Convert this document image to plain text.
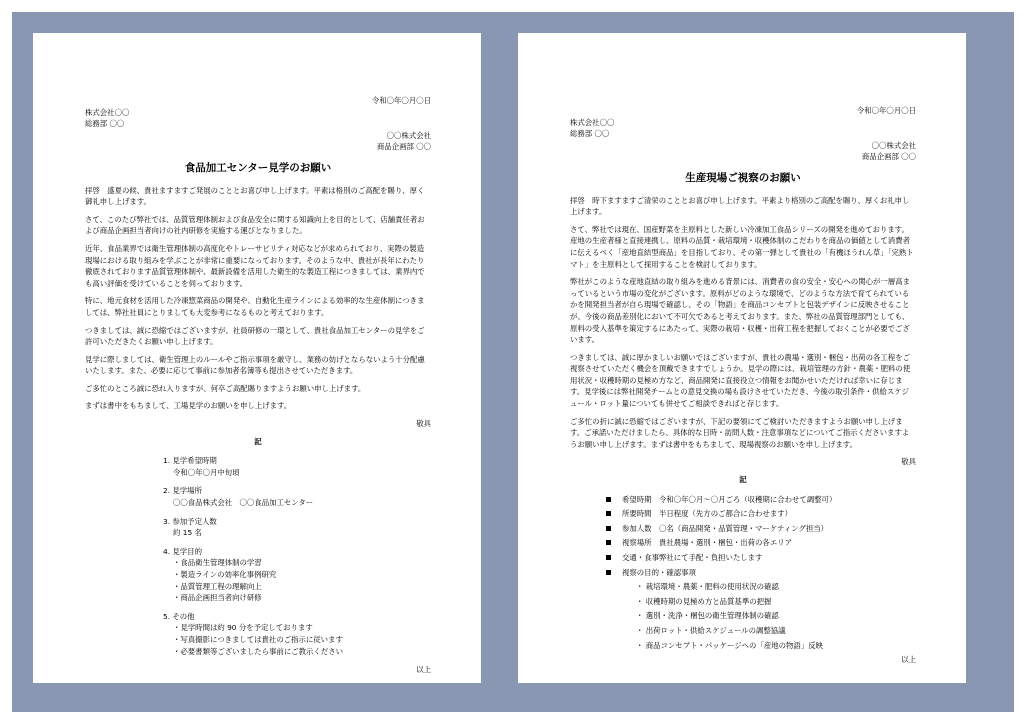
令和〇年〇月〇日
株式会社〇〇
総務部 〇〇
〇〇株式会社
商品企画部 〇〇
食品加工センター見学のお願い

拝啓　盛夏の候、貴社ますますご発展のこととお喜び申し上げます。平素は格別のご高配を賜り、厚く御礼申し上げます。

さて、このたび弊社では、品質管理体制および食品安全に関する知識向上を目的として、店舗責任者および商品企画担当者向けの社内研修を実施する運びとなりました。

近年、食品業界では衛生管理体制の高度化やトレーサビリティ対応などが求められており、実際の製造現場における取り組みを学ぶことが非常に重要になっております。そのような中、貴社が長年にわたり徹底されております品質管理体制や、最新設備を活用した衛生的な製造工程につきましては、業界内でも高い評価を受けていることを伺っております。

特に、地元食材を活用した冷凍惣菜商品の開発や、自動化生産ラインによる効率的な生産体制につきましては、弊社社員にとりましても大変参考になるものと考えております。

つきましては、誠に恐縮ではございますが、社員研修の一環として、貴社食品加工センターの見学をご許可いただきたくお願い申し上げます。

見学に際しましては、衛生管理上のルールやご指示事項を厳守し、業務の妨げとならないよう十分配慮いたします。また、必要に応じて事前に参加者名簿等も提出させていただきます。

ご多忙のところ誠に恐れ入りますが、何卒ご高配賜りますようお願い申し上げます。

まずは書中をもちまして、工場見学のお願いを申し上げます。

敬具
記
1. 見学希望時期
令和〇年〇月中旬頃
2. 見学場所
〇〇食品株式会社　〇〇食品加工センター
3. 参加予定人数
約 15 名
4. 見学目的
・食品衛生管理体制の学習
・製造ラインの効率化事例研究
・品質管理工程の理解向上
・商品企画担当者向け研修
5. その他
・見学時間は約 90 分を予定しております
・写真撮影につきましては貴社のご指示に従います
・必要書類等ございましたら事前にご教示ください
以上
令和〇年〇月〇日
株式会社〇〇
総務部 〇〇
〇〇株式会社
商品企画部 〇〇
生産現場ご視察のお願い

拝啓　時下ますますご清栄のこととお喜び申し上げます。平素より格別のご高配を賜り、厚くお礼申し上げます。

さて、弊社では現在、国産野菜を主原料とした新しい冷凍加工食品シリーズの開発を進めております。産地の生産者様と直接連携し、原料の品質・栽培環境・収穫体制のこだわりを商品の価値として消費者に伝えるべく「産地直結型商品」を目指しており、その第一弾として貴社の「有機ほうれん草」「完熟トマト」を主原料として採用することを検討しております。

弊社がこのような産地直結の取り組みを進める背景には、消費者の食の安全・安心への関心が一層高まっているという市場の変化がございます。原料がどのような環境で、どのような方法で育てられているかを開発担当者が自ら現場で確認し、その「物語」を商品コンセプトと包装デザインに反映させることが、今後の商品差別化において不可欠であると考えております。また、弊社の品質管理部門としても、原料の受入基準を策定するにあたって、実際の栽培・収穫・出荷工程を把握しておくことが必要でございます。

つきましては、誠に厚かましいお願いではございますが、貴社の農場・選別・梱包・出荷の各工程をご視察させていただく機会を頂戴できますでしょうか。見学の際には、栽培管理の方針・農薬・肥料の使用状況・収穫時期の見極め方など、商品開発に直接役立つ情報をお聞かせいただければ幸いに存じます。見学後には弊社開発チームとの意見交換の場も設けさせていただき、今後の取引条件・供給スケジュール・ロット量についても併せてご相談できればと存じます。

ご多忙の折に誠に恐縮ではございますが、下記の要領にてご検討いただきますようお願い申し上げます。ご承諾いただけましたら、具体的な日時・訪問人数・注意事項などについてご指示くださいますようお願い申し上げます。まずは書中をもちまして、現場視察のお願いを申し上げます。

敬具
記
希望時期　令和〇年〇月～〇月ごろ（収穫期に合わせて調整可）
所要時間　半日程度（先方のご都合に合わせます）
参加人数　〇名（商品開発・品質管理・マーケティング担当）
視察場所　貴社農場・選別・梱包・出荷の各エリア
交通・食事弊社にて手配・負担いたします
視察の目的・確認事項
・ 栽培環境・農薬・肥料の使用状況の確認
・ 収穫時期の見極め方と品質基準の把握
・ 選別・洗浄・梱包の衛生管理体制の確認
・ 出荷ロット・供給スケジュールの調整協議
・ 商品コンセプト・パッケージへの「産地の物語」反映
以上
